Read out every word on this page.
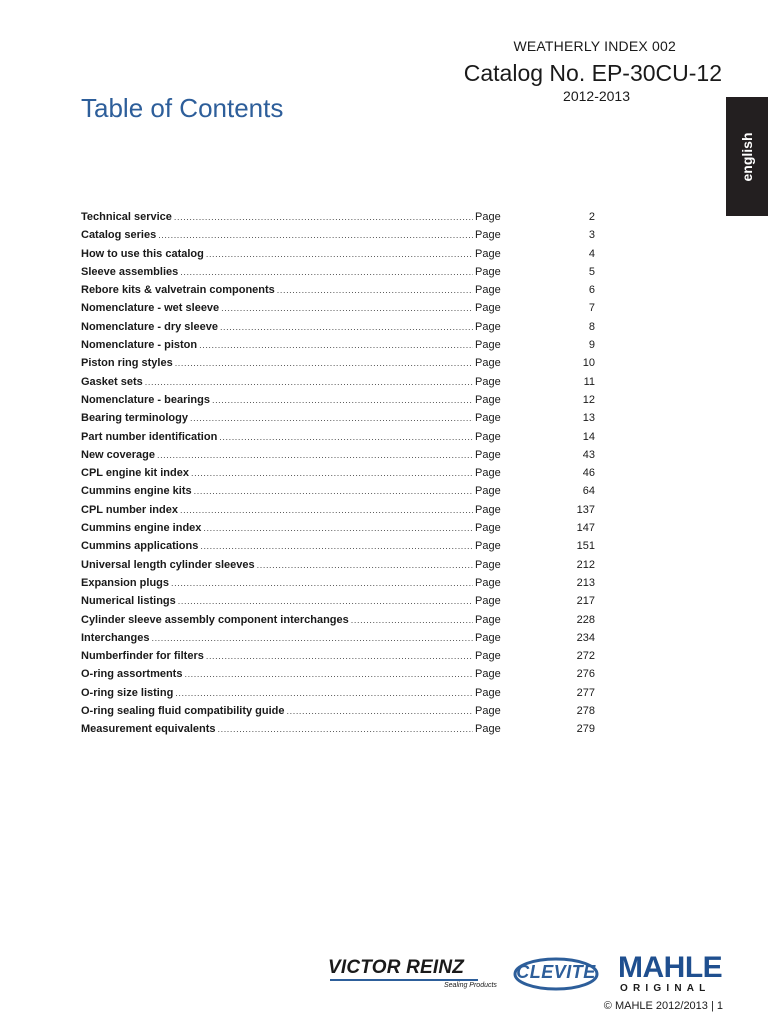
WEATHERLY INDEX 002
Catalog No. EP-30CU-12
2012-2013
Table of Contents
english
Technical service .....	Page	2
Catalog series .....	Page	3
How to use this catalog .....	Page	4
Sleeve assemblies .....	Page	5
Rebore kits & valvetrain components .....	Page	6
Nomenclature - wet sleeve .....	Page	7
Nomenclature - dry sleeve .....	Page	8
Nomenclature - piston .....	Page	9
Piston ring styles .....	Page	10
Gasket sets .....	Page	11
Nomenclature - bearings .....	Page	12
Bearing terminology .....	Page	13
Part number identification .....	Page	14
New coverage .....	Page	43
CPL engine kit index .....	Page	46
Cummins engine kits .....	Page	64
CPL number index .....	Page	137
Cummins engine index .....	Page	147
Cummins applications .....	Page	151
Universal length cylinder sleeves .....	Page	212
Expansion plugs .....	Page	213
Numerical listings .....	Page	217
Cylinder sleeve assembly component interchanges .....	Page	228
Interchanges .....	Page	234
Numberfinder for filters .....	Page	272
O-ring assortments .....	Page	276
O-ring size listing .....	Page	277
O-ring sealing fluid compatibility guide .....	Page	278
Measurement equivalents .....	Page	279
VICTOR REINZ
Sealing Products
CLEVITE MAHLE
ORIGINAL
© MAHLE 2012/2013 | 1
